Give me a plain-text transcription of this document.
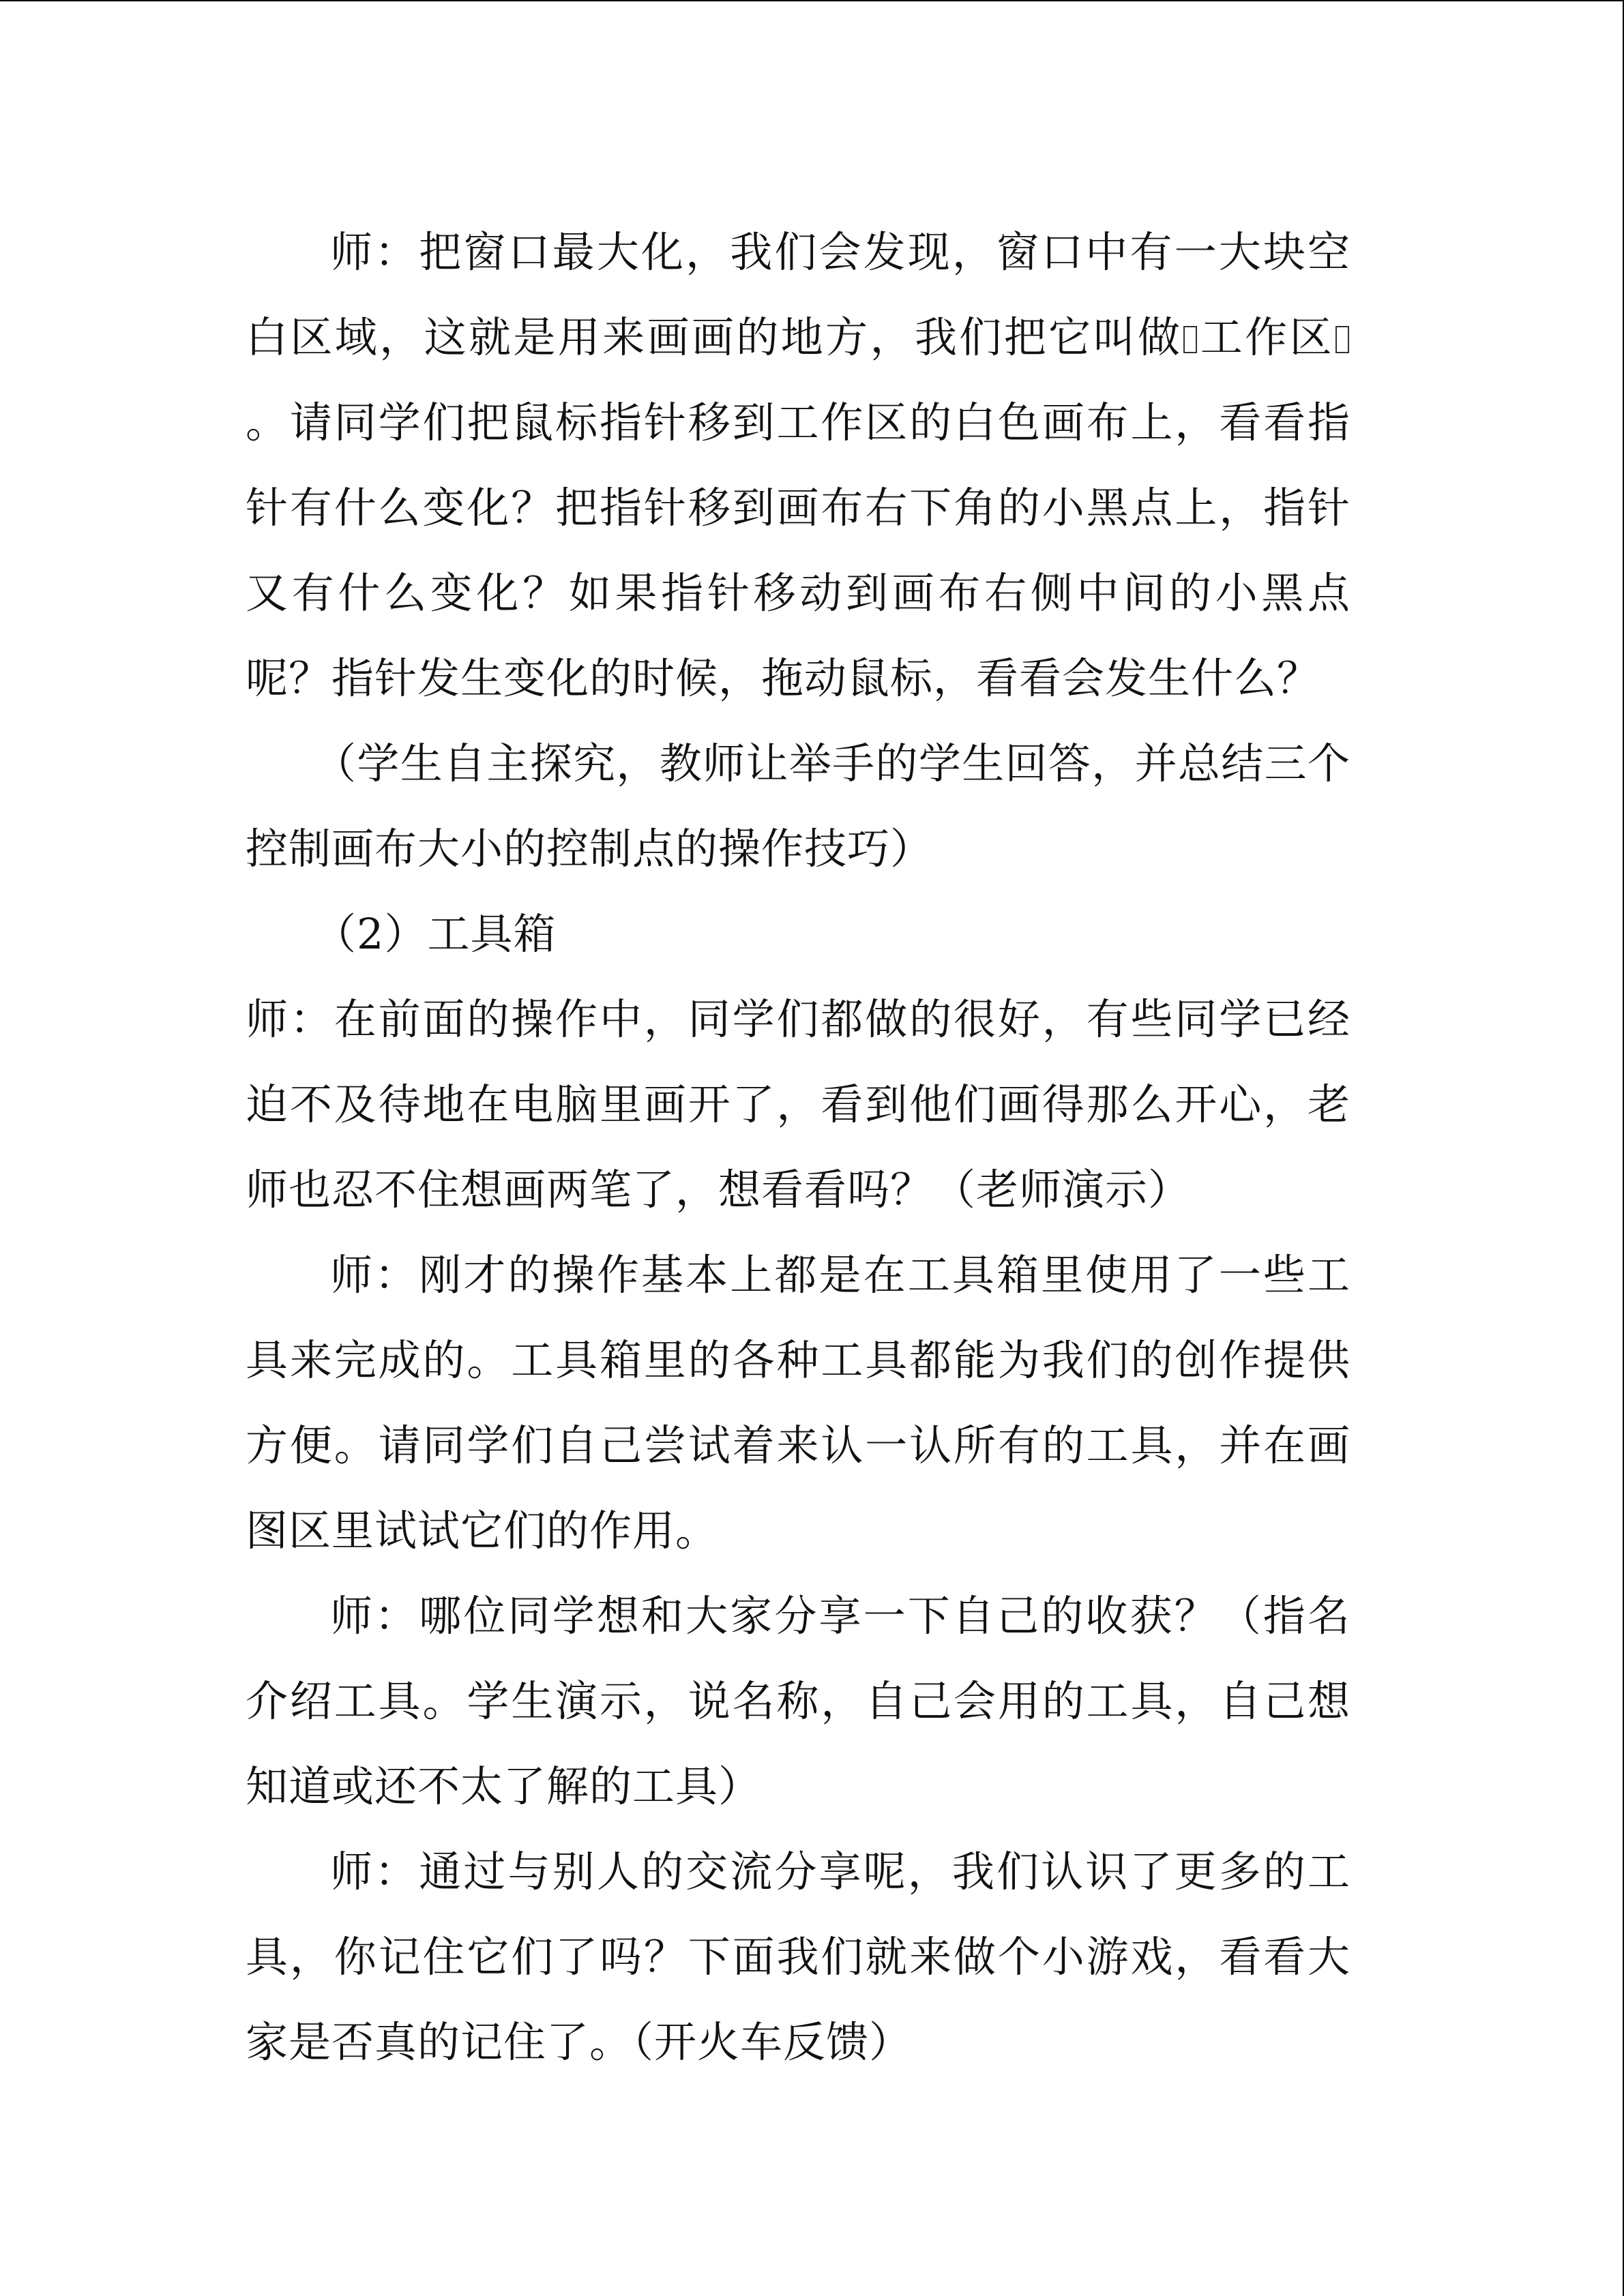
师：把窗口最大化，我们会发现，窗口中有一大块空白区域，这就是用来画画的地方，我们把它叫做 工作区。请同学们把鼠标指针移到工作区的白色画布上，看看指针有什么变化？把指针移到画布右下角的小黑点上，指针又有什么变化？如果指针移动到画布右侧中间的小黑点呢？指针发生变化的时候，拖动鼠标，看看会发生什么？

（学生自主探究，教师让举手的学生回答，并总结三个控制画布大小的控制点的操作技巧）

（2）工具箱

师：在前面的操作中，同学们都做的很好，有些同学已经迫不及待地在电脑里画开了，看到他们画得那么开心，老师也忍不住想画两笔了，想看看吗？（老师演示）

师：刚才的操作基本上都是在工具箱里使用了一些工具来完成的。工具箱里的各种工具都能为我们的创作提供方便。请同学们自己尝试着来认一认所有的工具，并在画图区里试试它们的作用。

师：哪位同学想和大家分享一下自己的收获？（指名介绍工具。学生演示，说名称，自己会用的工具，自己想知道或还不太了解的工具）

师：通过与别人的交流分享呢，我们认识了更多的工具，你记住它们了吗？下面我们就来做个小游戏，看看大家是否真的记住了。（开火车反馈）
